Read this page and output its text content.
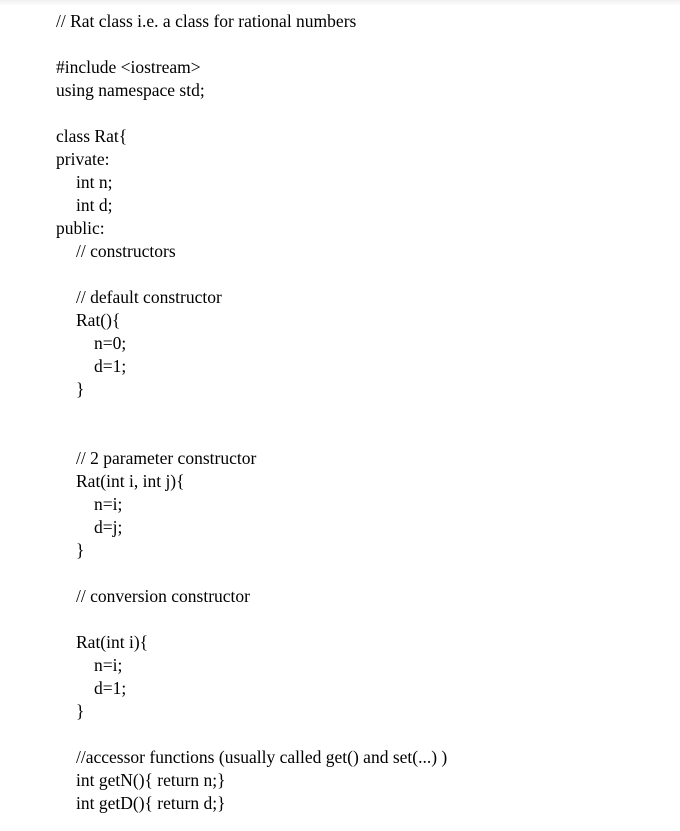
// Rat class i.e. a class for rational numbers
#include <iostream>
using namespace std;
class Rat{
private:
int n;
int d;
public:
// constructors
// default constructor
Rat(){
n=0;
d=1;
}
// 2 parameter constructor
Rat(int i, int j){
n=i;
d=j;
}
// conversion constructor
Rat(int i){
n=i;
d=1;
}
//accessor functions (usually called get() and set(...) )
int getN(){ return n;}
int getD(){ return d;}
